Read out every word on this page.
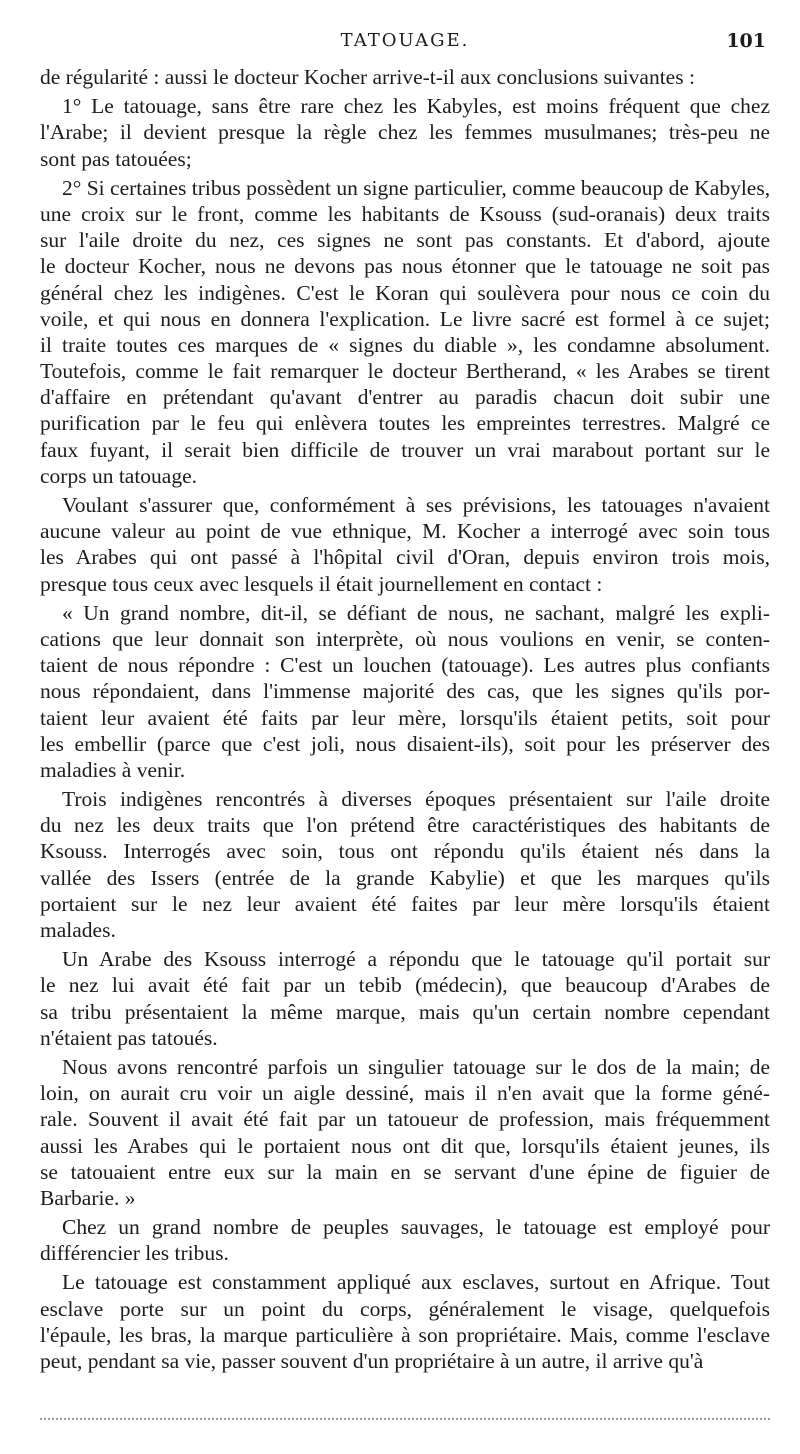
TATOUAGE.	101
de régularité : aussi le docteur Kocher arrive-t-il aux conclusions suivantes :
1° Le tatouage, sans être rare chez les Kabyles, est moins fréquent que chez
l'Arabe; il devient presque la règle chez les femmes musulmanes; très-peu ne
sont pas tatouées;
2° Si certaines tribus possèdent un signe particulier, comme beaucoup de Kabyles,
une croix sur le front, comme les habitants de Ksouss (sud-oranais) deux traits
sur l'aile droite du nez, ces signes ne sont pas constants. Et d'abord, ajoute
le docteur Kocher, nous ne devons pas nous étonner que le tatouage ne soit pas
général chez les indigènes. C'est le Koran qui soulèvera pour nous ce coin du
voile, et qui nous en donnera l'explication. Le livre sacré est formel à ce sujet;
il traite toutes ces marques de « signes du diable », les condamne absolument.
Toutefois, comme le fait remarquer le docteur Bertherand, « les Arabes se tirent
d'affaire en prétendant qu'avant d'entrer au paradis chacun doit subir une
purification par le feu qui enlèvera toutes les empreintes terrestres. Malgré ce
faux fuyant, il serait bien difficile de trouver un vrai marabout portant sur le
corps un tatouage.
Voulant s'assurer que, conformément à ses prévisions, les tatouages n'avaient
aucune valeur au point de vue ethnique, M. Kocher a interrogé avec soin tous
les Arabes qui ont passé à l'hôpital civil d'Oran, depuis environ trois mois,
presque tous ceux avec lesquels il était journellement en contact :
« Un grand nombre, dit-il, se défiant de nous, ne sachant, malgré les expli-
cations que leur donnait son interprète, où nous voulions en venir, se conten-
taient de nous répondre : C'est un louchen (tatouage). Les autres plus confiants
nous répondaient, dans l'immense majorité des cas, que les signes qu'ils por-
taient leur avaient été faits par leur mère, lorsqu'ils étaient petits, soit pour
les embellir (parce que c'est joli, nous disaient-ils), soit pour les préserver des
maladies à venir.
Trois indigènes rencontrés à diverses époques présentaient sur l'aile droite
du nez les deux traits que l'on prétend être caractéristiques des habitants de
Ksouss. Interrogés avec soin, tous ont répondu qu'ils étaient nés dans la
vallée des Issers (entrée de la grande Kabylie) et que les marques qu'ils
portaient sur le nez leur avaient été faites par leur mère lorsqu'ils étaient
malades.
Un Arabe des Ksouss interrogé a répondu que le tatouage qu'il portait sur
le nez lui avait été fait par un tebib (médecin), que beaucoup d'Arabes de
sa tribu présentaient la même marque, mais qu'un certain nombre cependant
n'étaient pas tatoués.
Nous avons rencontré parfois un singulier tatouage sur le dos de la main; de
loin, on aurait cru voir un aigle dessiné, mais il n'en avait que la forme géné-
rale. Souvent il avait été fait par un tatoueur de profession, mais fréquemment
aussi les Arabes qui le portaient nous ont dit que, lorsqu'ils étaient jeunes, ils
se tatouaient entre eux sur la main en se servant d'une épine de figuier de
Barbarie. »
Chez un grand nombre de peuples sauvages, le tatouage est employé pour
différencier les tribus.
Le tatouage est constamment appliqué aux esclaves, surtout en Afrique. Tout
esclave porte sur un point du corps, généralement le visage, quelquefois
l'épaule, les bras, la marque particulière à son propriétaire. Mais, comme l'esclave
peut, pendant sa vie, passer souvent d'un propriétaire à un autre, il arrive qu'à
